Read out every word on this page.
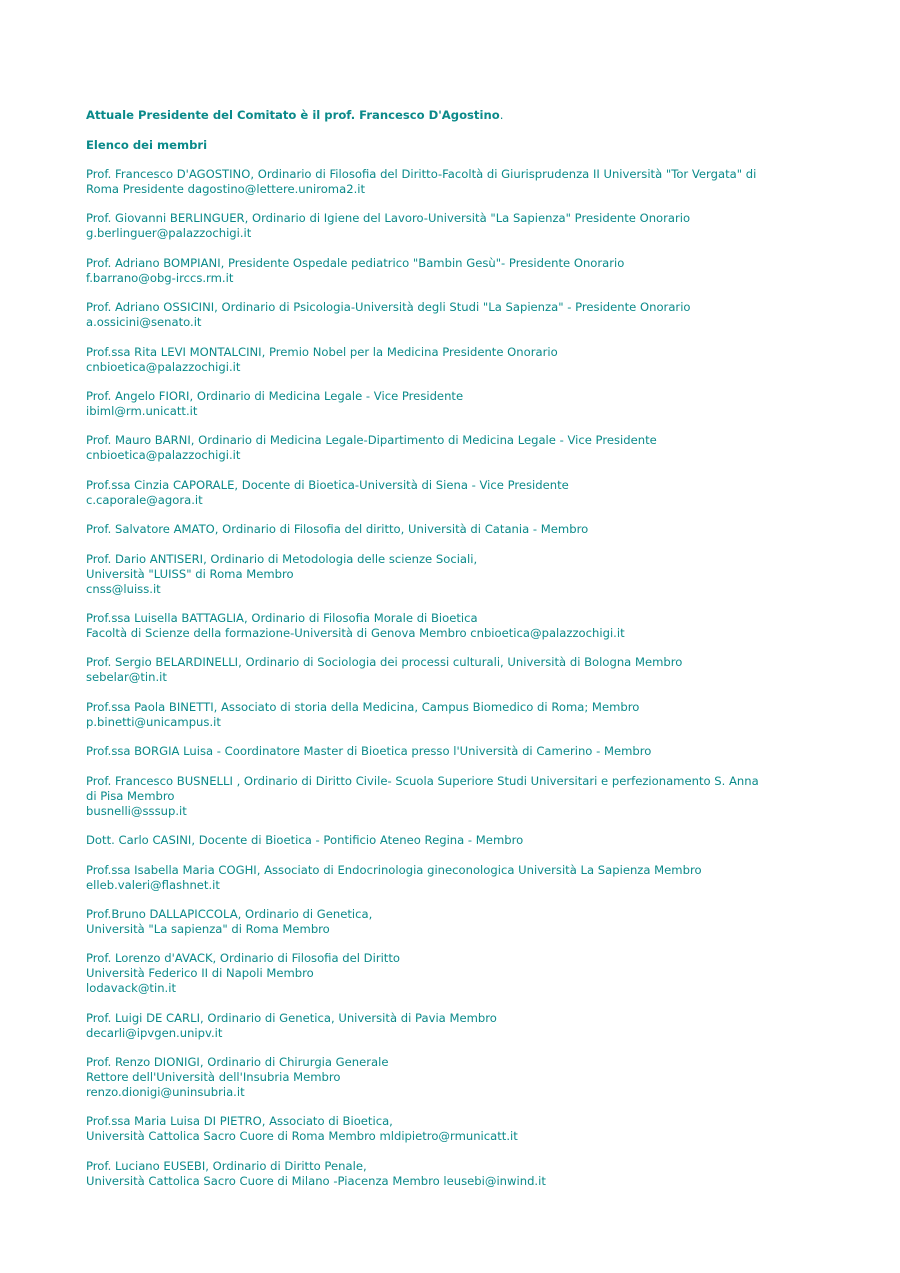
Attuale Presidente del Comitato è il prof. Francesco D'Agostino.

Elenco dei membri

Prof. Francesco D'AGOSTINO, Ordinario di Filosofia del Diritto-Facoltà di Giurisprudenza II Università "Tor Vergata" di
Roma Presidente dagostino@lettere.uniroma2.it
Prof. Giovanni BERLINGUER, Ordinario di Igiene del Lavoro-Università "La Sapienza" Presidente Onorario
g.berlinguer@palazzochigi.it
Prof. Adriano BOMPIANI, Presidente Ospedale pediatrico "Bambin Gesù"- Presidente Onorario
f.barrano@obg-irccs.rm.it
Prof. Adriano OSSICINI, Ordinario di Psicologia-Università degli Studi "La Sapienza" - Presidente Onorario
a.ossicini@senato.it
Prof.ssa Rita LEVI MONTALCINI, Premio Nobel per la Medicina Presidente Onorario
cnbioetica@palazzochigi.it
Prof. Angelo FIORI, Ordinario di Medicina Legale - Vice Presidente
ibiml@rm.unicatt.it
Prof. Mauro BARNI, Ordinario di Medicina Legale-Dipartimento di Medicina Legale - Vice Presidente
cnbioetica@palazzochigi.it
Prof.ssa Cinzia CAPORALE, Docente di Bioetica-Università di Siena - Vice Presidente
c.caporale@agora.it
Prof. Salvatore AMATO, Ordinario di Filosofia del diritto, Università di Catania - Membro
Prof. Dario ANTISERI, Ordinario di Metodologia delle scienze Sociali,
Università "LUISS" di Roma Membro
cnss@luiss.it
Prof.ssa Luisella BATTAGLIA, Ordinario di Filosofia Morale di Bioetica
Facoltà di Scienze della formazione-Università di Genova Membro cnbioetica@palazzochigi.it
Prof. Sergio BELARDINELLI, Ordinario di Sociologia dei processi culturali, Università di Bologna Membro
sebelar@tin.it
Prof.ssa Paola BINETTI, Associato di storia della Medicina, Campus Biomedico di Roma; Membro
p.binetti@unicampus.it
Prof.ssa BORGIA Luisa - Coordinatore Master di Bioetica presso l'Università di Camerino - Membro
Prof. Francesco BUSNELLI , Ordinario di Diritto Civile- Scuola Superiore Studi Universitari e perfezionamento S. Anna
di Pisa Membro
busnelli@sssup.it
Dott. Carlo CASINI, Docente di Bioetica - Pontificio Ateneo Regina - Membro
Prof.ssa Isabella Maria COGHI, Associato di Endocrinologia gineconologica Università La Sapienza Membro
elleb.valeri@flashnet.it
Prof.Bruno DALLAPICCOLA, Ordinario di Genetica,
Università "La sapienza" di Roma Membro
Prof. Lorenzo d'AVACK, Ordinario di Filosofia del Diritto
Università Federico II di Napoli Membro
lodavack@tin.it
Prof. Luigi DE CARLI, Ordinario di Genetica, Università di Pavia Membro
decarli@ipvgen.unipv.it
Prof. Renzo DIONIGI, Ordinario di Chirurgia Generale
Rettore dell'Università dell'Insubria Membro
renzo.dionigi@uninsubria.it
Prof.ssa Maria Luisa DI PIETRO, Associato di Bioetica,
Università Cattolica Sacro Cuore di Roma Membro mldipietro@rmunicatt.it
Prof. Luciano EUSEBI, Ordinario di Diritto Penale,
Università Cattolica Sacro Cuore di Milano -Piacenza Membro leusebi@inwind.it
